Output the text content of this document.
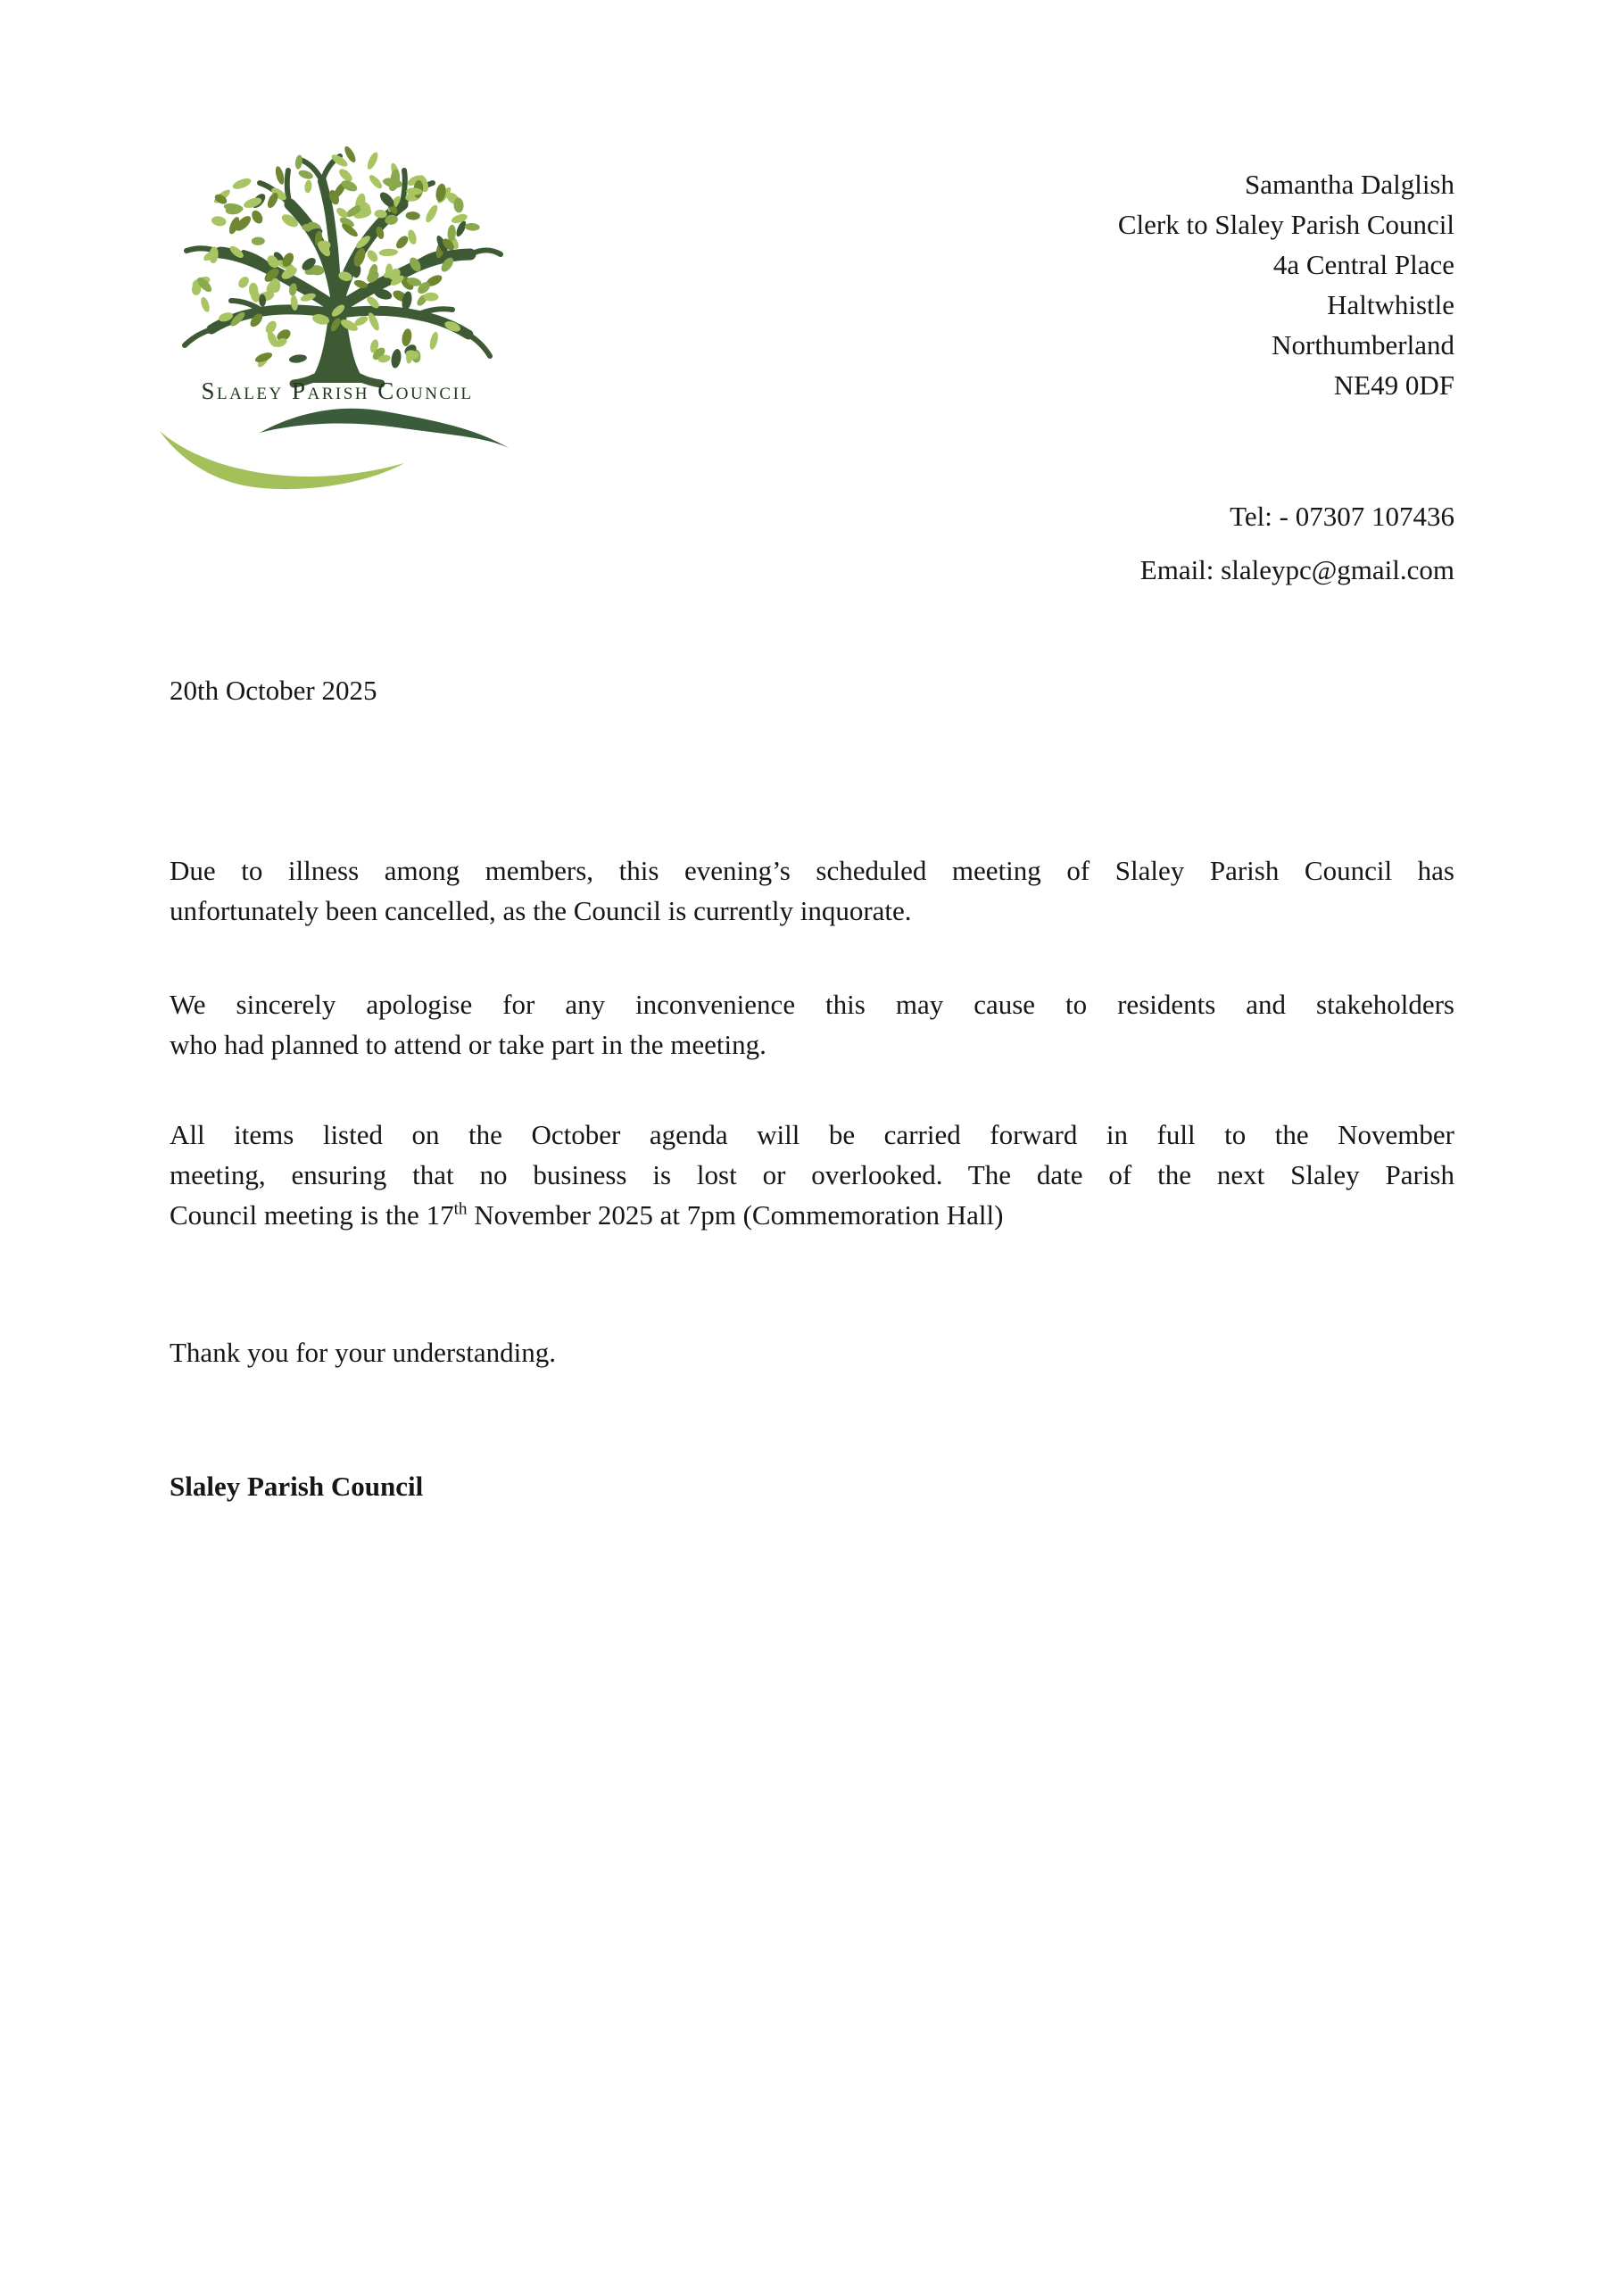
Slaley Parish Council
Samantha Dalglish
Clerk to Slaley Parish Council
4a Central Place
Haltwhistle
Northumberland
NE49 0DF
Tel: - 07307 107436
Email: slaleypc@gmail.com
20th October 2025
Due to illness among members, this evening’s scheduled meeting of Slaley Parish Council has
unfortunately been cancelled, as the Council is currently inquorate.
We sincerely apologise for any inconvenience this may cause to residents and stakeholders
who had planned to attend or take part in the meeting.
All items listed on the October agenda will be carried forward in full to the November
meeting, ensuring that no business is lost or overlooked. The date of the next Slaley Parish
Council meeting is the 17th November 2025 at 7pm (Commemoration Hall)
Thank you for your understanding.
Slaley Parish Council
